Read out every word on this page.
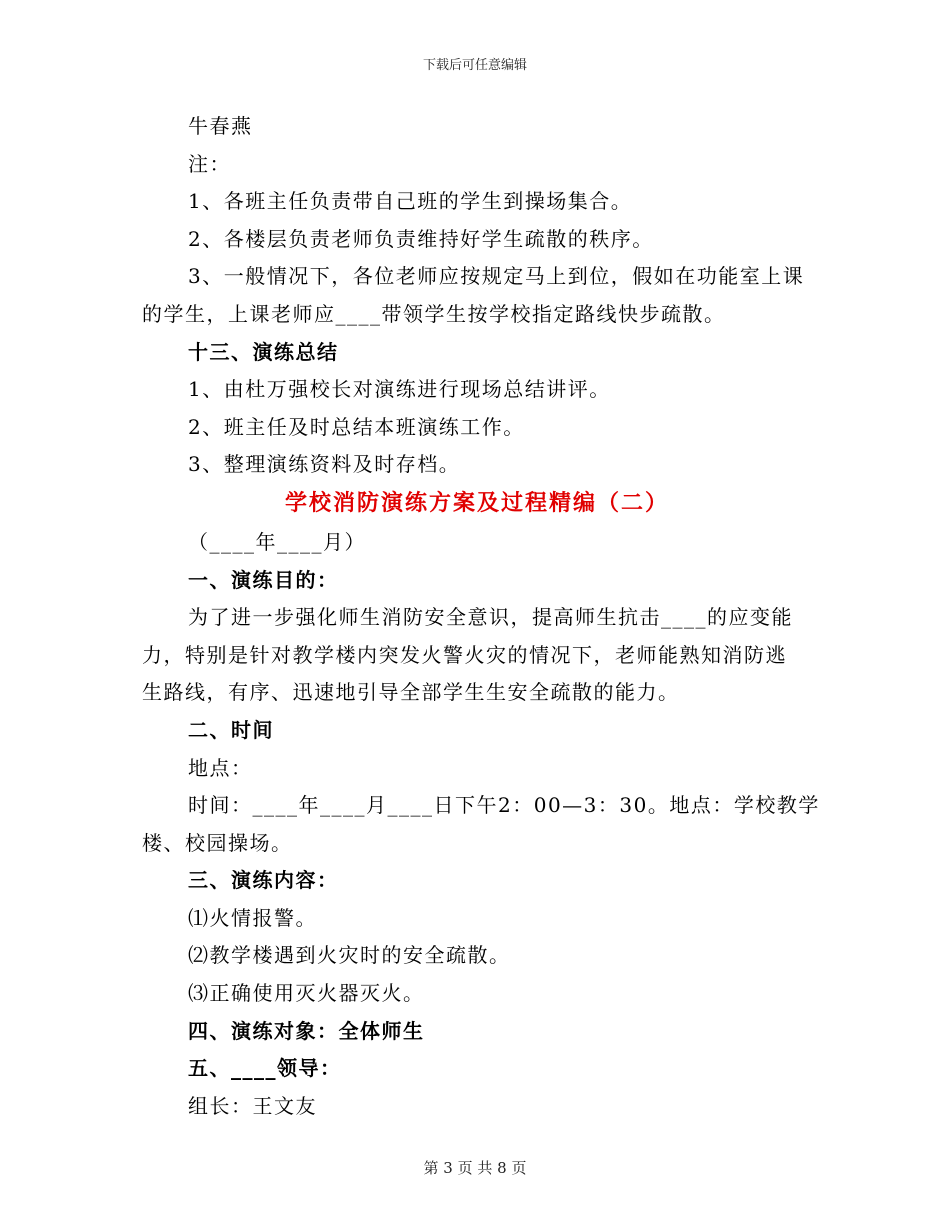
下载后可任意编辑
牛春燕
注：
1、各班主任负责带自己班的学生到操场集合。
2、各楼层负责老师负责维持好学生疏散的秩序。
3、一般情况下，各位老师应按规定马上到位，假如在功能室上课
的学生，上课老师应____带领学生按学校指定路线快步疏散。
十三、演练总结
1、由杜万强校长对演练进行现场总结讲评。
2、班主任及时总结本班演练工作。
3、整理演练资料及时存档。
学校消防演练方案及过程精编（二）
（____年____月）
一、演练目的：
为了进一步强化师生消防安全意识，提高师生抗击____的应变能
力，特别是针对教学楼内突发火警火灾的情况下，老师能熟知消防逃
生路线，有序、迅速地引导全部学生生安全疏散的能力。
二、时间
地点：
时间：____年____月____日下午2：00—3：30。地点：学校教学
楼、校园操场。
三、演练内容：
⑴火情报警。
⑵教学楼遇到火灾时的安全疏散。
⑶正确使用灭火器灭火。
四、演练对象：全体师生
五、____领导：
组长：王文友
第 3 页 共 8 页
